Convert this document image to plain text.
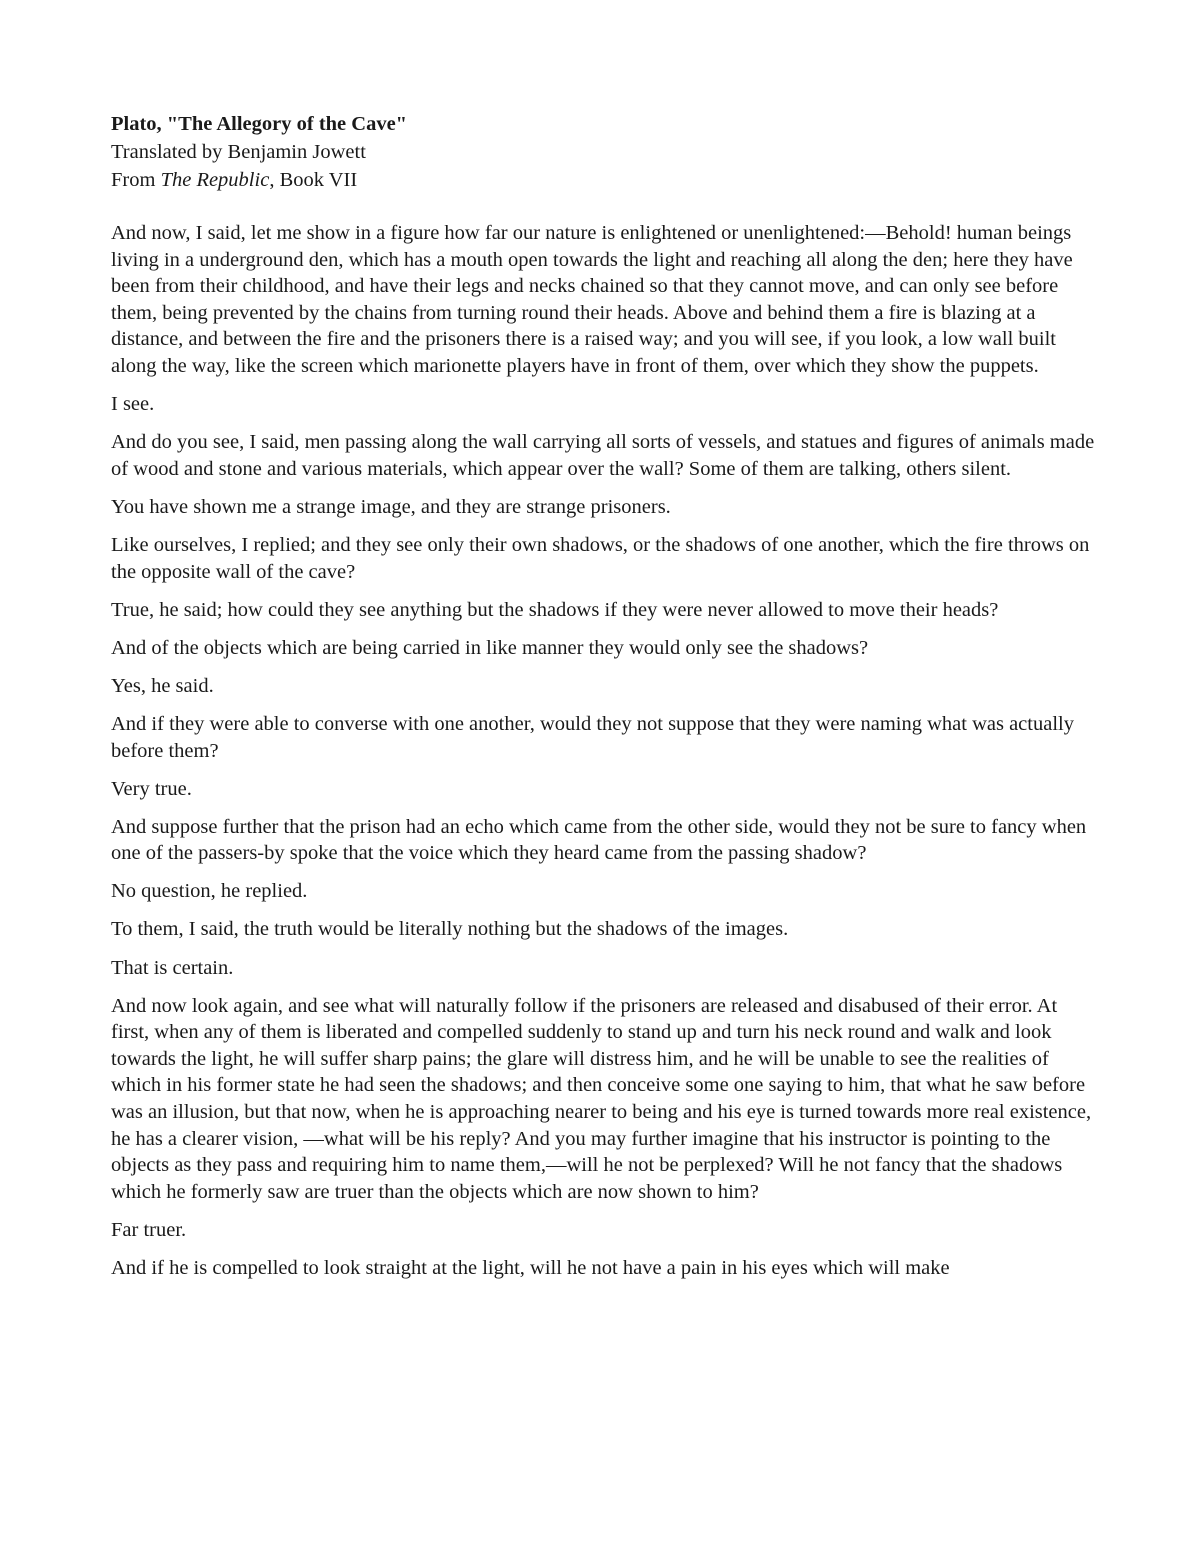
Plato, "The Allegory of the Cave"

Translated by Benjamin Jowett

From The Republic, Book VII

And now, I said, let me show in a figure how far our nature is enlightened or unenlightened:—Behold! human beings living in a underground den, which has a mouth open towards the light and reaching all along the den; here they have been from their childhood, and have their legs and necks chained so that they cannot move, and can only see before them, being prevented by the chains from turning round their heads. Above and behind them a fire is blazing at a distance, and between the fire and the prisoners there is a raised way; and you will see, if you look, a low wall built along the way, like the screen which marionette players have in front of them, over which they show the puppets.

I see.

And do you see, I said, men passing along the wall carrying all sorts of vessels, and statues and figures of animals made of wood and stone and various materials, which appear over the wall? Some of them are talking, others silent.

You have shown me a strange image, and they are strange prisoners.

Like ourselves, I replied; and they see only their own shadows, or the shadows of one another, which the fire throws on the opposite wall of the cave?

True, he said; how could they see anything but the shadows if they were never allowed to move their heads?

And of the objects which are being carried in like manner they would only see the shadows?

Yes, he said.

And if they were able to converse with one another, would they not suppose that they were naming what was actually before them?

Very true.

And suppose further that the prison had an echo which came from the other side, would they not be sure to fancy when one of the passers-by spoke that the voice which they heard came from the passing shadow?

No question, he replied.

To them, I said, the truth would be literally nothing but the shadows of the images.

That is certain.

And now look again, and see what will naturally follow if the prisoners are released and disabused of their error. At first, when any of them is liberated and compelled suddenly to stand up and turn his neck round and walk and look towards the light, he will suffer sharp pains; the glare will distress him, and he will be unable to see the realities of which in his former state he had seen the shadows; and then conceive some one saying to him, that what he saw before was an illusion, but that now, when he is approaching nearer to being and his eye is turned towards more real existence, he has a clearer vision, —what will be his reply? And you may further imagine that his instructor is pointing to the objects as they pass and requiring him to name them,—will he not be perplexed? Will he not fancy that the shadows which he formerly saw are truer than the objects which are now shown to him?

Far truer.

And if he is compelled to look straight at the light, will he not have a pain in his eyes which will make
